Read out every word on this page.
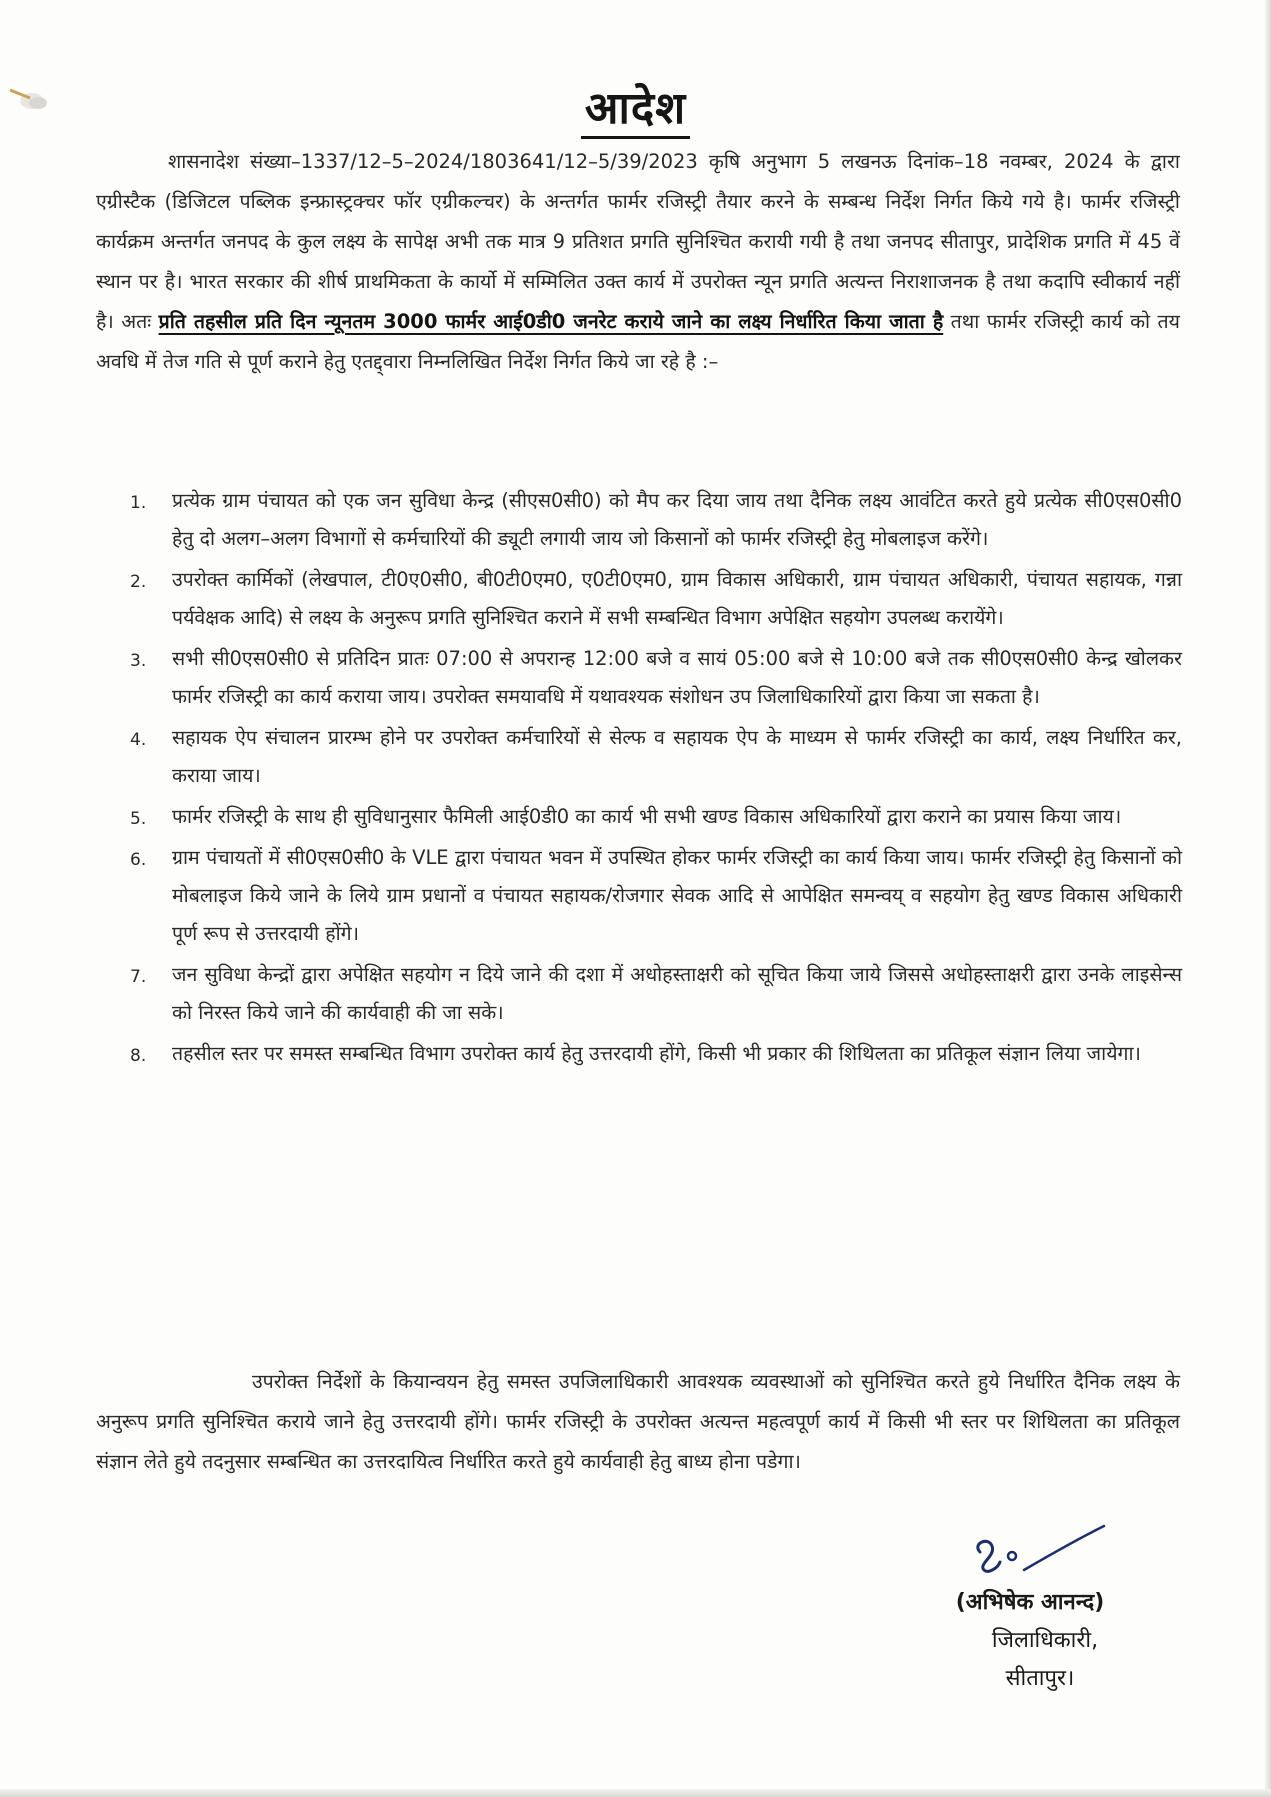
आदेश
शासनादेश संख्या–1337/12–5–2024/1803641/12–5/39/2023 कृषि अनुभाग 5 लखनऊ दिनांक–18 नवम्बर, 2024 के द्वारा एग्रीस्टैक (डिजिटल पब्लिक इन्फ्रास्ट्रक्चर फॉर एग्रीकल्चर) के अन्तर्गत फार्मर रजिस्ट्री तैयार करने के सम्बन्ध निर्देश निर्गत किये गये है। फार्मर रजिस्ट्री कार्यक्रम अन्तर्गत जनपद के कुल लक्ष्य के सापेक्ष अभी तक मात्र 9 प्रतिशत प्रगति सुनिश्चित करायी गयी है तथा जनपद सीतापुर, प्रादेशिक प्रगति में 45 वें स्थान पर है। भारत सरकार की शीर्ष प्राथमिकता के कार्यो में सम्मिलित उक्त कार्य में उपरोक्त न्यून प्रगति अत्यन्त निराशाजनक है तथा कदापि स्वीकार्य नहीं है। अतः प्रति तहसील प्रति दिन न्यूनतम 3000 फार्मर आई0डी0 जनरेट कराये जाने का लक्ष्य निर्धारित किया जाता है तथा फार्मर रजिस्ट्री कार्य को तय अवधि में तेज गति से पूर्ण कराने हेतु एतद्द्वारा निम्नलिखित निर्देश निर्गत किये जा रहे है :–
1. प्रत्येक ग्राम पंचायत को एक जन सुविधा केन्द्र (सीएस0सी0) को मैप कर दिया जाय तथा दैनिक लक्ष्य आवंटित करते हुये प्रत्येक सी0एस0सी0 हेतु दो अलग–अलग विभागों से कर्मचारियों की ड्यूटी लगायी जाय जो किसानों को फार्मर रजिस्ट्री हेतु मोबलाइज करेंगे।
2. उपरोक्त कार्मिकों (लेखपाल, टी0ए0सी0, बी0टी0एम0, ए0टी0एम0, ग्राम विकास अधिकारी, ग्राम पंचायत अधिकारी, पंचायत सहायक, गन्ना पर्यवेक्षक आदि) से लक्ष्य के अनुरूप प्रगति सुनिश्चित कराने में सभी सम्बन्धित विभाग अपेक्षित सहयोग उपलब्ध करायेंगे।
3. सभी सी0एस0सी0 से प्रतिदिन प्रातः 07:00 से अपरान्ह 12:00 बजे व सायं 05:00 बजे से 10:00 बजे तक सी0एस0सी0 केन्द्र खोलकर फार्मर रजिस्ट्री का कार्य कराया जाय। उपरोक्त समयावधि में यथावश्यक संशोधन उप जिलाधिकारियों द्वारा किया जा सकता है।
4. सहायक ऐप संचालन प्रारम्भ होने पर उपरोक्त कर्मचारियों से सेल्फ व सहायक ऐप के माध्यम से फार्मर रजिस्ट्री का कार्य, लक्ष्य निर्धारित कर, कराया जाय।
5. फार्मर रजिस्ट्री के साथ ही सुविधानुसार फैमिली आई0डी0 का कार्य भी सभी खण्ड विकास अधिकारियों द्वारा कराने का प्रयास किया जाय।
6. ग्राम पंचायतों में सी0एस0सी0 के VLE द्वारा पंचायत भवन में उपस्थित होकर फार्मर रजिस्ट्री का कार्य किया जाय। फार्मर रजिस्ट्री हेतु किसानों को मोबलाइज किये जाने के लिये ग्राम प्रधानों व पंचायत सहायक/रोजगार सेवक आदि से आपेक्षित समन्वय् व सहयोग हेतु खण्ड विकास अधिकारी पूर्ण रूप से उत्तरदायी होंगे।
7. जन सुविधा केन्द्रों द्वारा अपेक्षित सहयोग न दिये जाने की दशा में अधोहस्ताक्षरी को सूचित किया जाये जिससे अधोहस्ताक्षरी द्वारा उनके लाइसेन्स को निरस्त किये जाने की कार्यवाही की जा सके।
8. तहसील स्तर पर समस्त सम्बन्धित विभाग उपरोक्त कार्य हेतु उत्तरदायी होंगे, किसी भी प्रकार की शिथिलता का प्रतिकूल संज्ञान लिया जायेगा।
उपरोक्त निर्देशों के कियान्वयन हेतु समस्त उपजिलाधिकारी आवश्यक व्यवस्थाओं को सुनिश्चित करते हुये निर्धारित दैनिक लक्ष्य के अनुरूप प्रगति सुनिश्चित कराये जाने हेतु उत्तरदायी होंगे। फार्मर रजिस्ट्री के उपरोक्त अत्यन्त महत्वपूर्ण कार्य में किसी भी स्तर पर शिथिलता का प्रतिकूल संज्ञान लेते हुये तदनुसार सम्बन्धित का उत्तरदायित्व निर्धारित करते हुये कार्यवाही हेतु बाध्य होना पडेगा।
(अभिषेक आनन्द)
जिलाधिकारी,
सीतापुर।
